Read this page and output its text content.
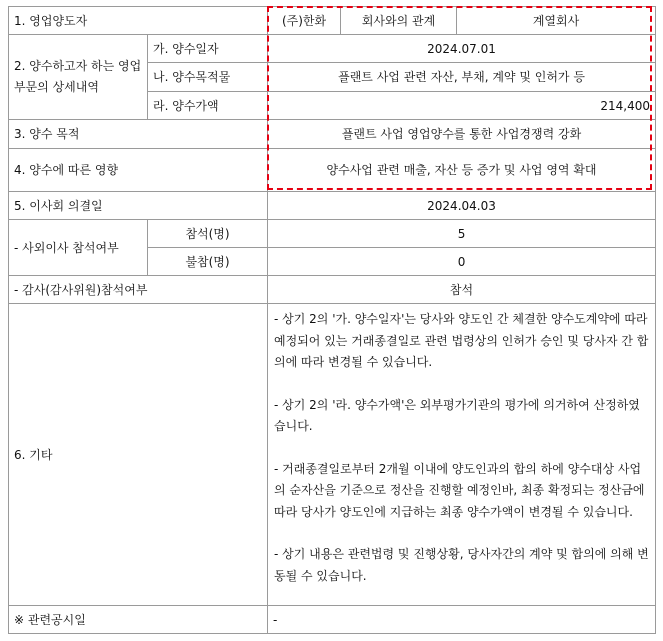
1. 영업양도자		(주)한화	회사와의 관계	계열회사
2. 양수하고자 하는 영업부문의 상세내역	가. 양수일자	2024.07.01		
	나. 양수목적물	플랜트 사업 관련 자산, 부채, 계약 및 인허가 등		
	라. 양수가액	214,400		
3. 양수 목적		플랜트 사업 영업양수를 통한 사업경쟁력 강화		
4. 양수에 따른 영향		양수사업 관련 매출, 자산 등 증가 및 사업 영역 확대		
5. 이사회 의결일		2024.04.03		
- 사외이사 참석여부	참석(명)	5		
	불참(명)	0		
- 감사(감사위원)참석여부		참석		
6. 기타		- 상기 2의 '가. 양수일자'는 당사와 양도인 간 체결한 양수도계약에 따라 예정되어 있는 거래종결일로 관련 법령상의 인허가 승인 및 당사자 간 합의에 따라 변경될 수 있습니다.

- 상기 2의 '라. 양수가액'은 외부평가기관의 평가에 의거하여 산정하였습니다.

- 거래종결일로부터 2개월 이내에 양도인과의 합의 하에 양수대상 사업의 순자산을 기준으로 정산을 진행할 예정인바, 최종 확정되는 정산금에 따라 당사가 양도인에 지급하는 최종 양수가액이 변경될 수 있습니다.

- 상기 내용은 관련법령 및 진행상황, 당사자간의 계약 및 합의에 의해 변동될 수 있습니다.		

※ 관련공시일		-		
